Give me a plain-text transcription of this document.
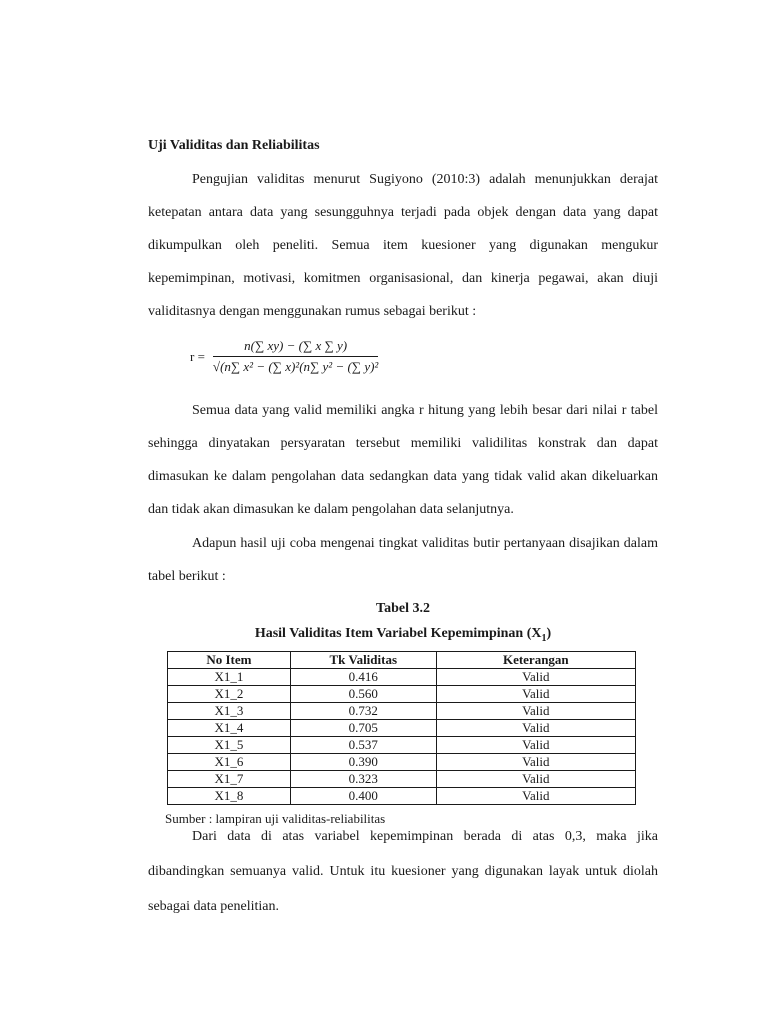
Uji Validitas dan Reliabilitas

Pengujian validitas menurut Sugiyono (2010:3) adalah menunjukkan derajat ketepatan antara data yang sesungguhnya terjadi pada objek dengan data yang dapat dikumpulkan oleh peneliti. Semua item kuesioner yang digunakan mengukur kepemimpinan, motivasi, komitmen organisasional, dan kinerja pegawai, akan diuji validitasnya dengan menggunakan rumus sebagai berikut :

$r = \frac{n(\sum xy) - (\sum x \sum y)}{\text{√(n∑ x² − (∑ x)²(n∑ y² − (∑ y)²}}$

Semua data yang valid memiliki angka r hitung yang lebih besar dari nilai r tabel sehingga dinyatakan persyaratan tersebut memiliki validilitas konstrak dan dapat dimasukan ke dalam pengolahan data sedangkan data yang tidak valid akan dikeluarkan dan tidak akan dimasukan ke dalam pengolahan data selanjutnya.

Adapun hasil uji coba mengenai tingkat validitas butir pertanyaan disajikan dalam tabel berikut :

Tabel 3.2
Hasil Validitas Item Variabel Kepemimpinan $(X_1)$
No Item	Tk Validitas	Keterangan
X1_1	0.416	Valid
X1_2	0.560	Valid
X1_3	0.732	Valid
X1_4	0.705	Valid
X1_5	0.537	Valid
X1_6	0.390	Valid
X1_7	0.323	Valid
X1_8	0.400	Valid
Sumber : lampiran uji validitas-reliabilitas

Dari data di atas variabel kepemimpinan berada di atas 0,3, maka jika dibandingkan semuanya valid. Untuk itu kuesioner yang digunakan layak untuk diolah sebagai data penelitian.
